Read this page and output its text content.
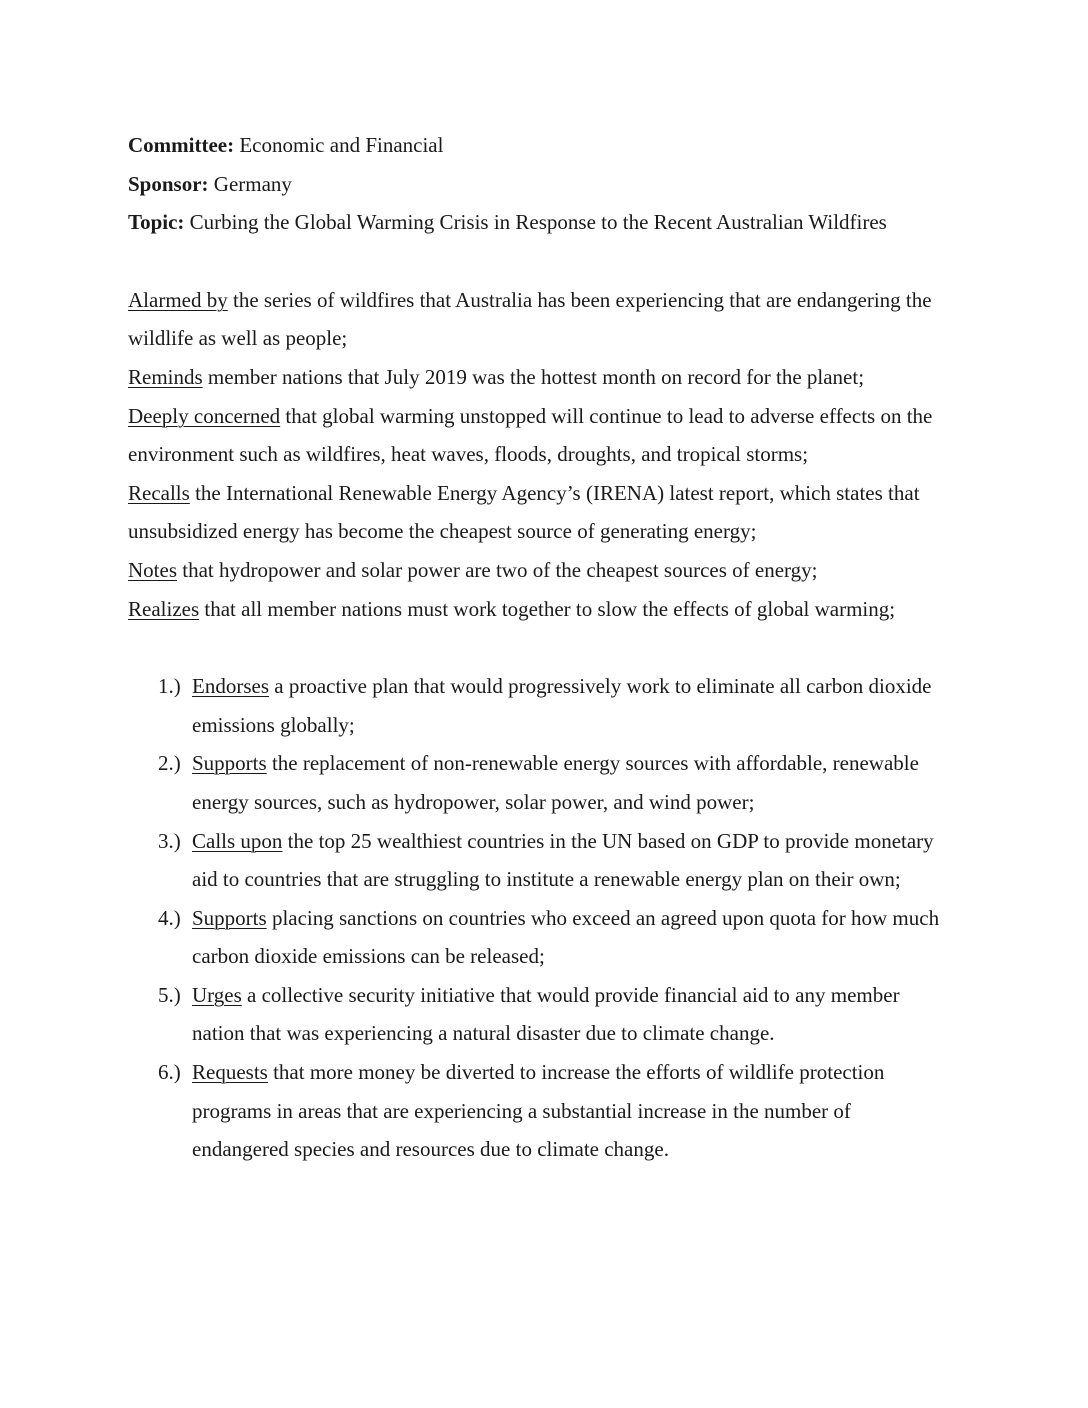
Committee: Economic and Financial
Sponsor: Germany
Topic: Curbing the Global Warming Crisis in Response to the Recent Australian Wildfires
Alarmed by the series of wildfires that Australia has been experiencing that are endangering the
wildlife as well as people;
Reminds member nations that July 2019 was the hottest month on record for the planet;
Deeply concerned that global warming unstopped will continue to lead to adverse effects on the
environment such as wildfires, heat waves, floods, droughts, and tropical storms;
Recalls the International Renewable Energy Agency’s (IRENA) latest report, which states that
unsubsidized energy has become the cheapest source of generating energy;
Notes that hydropower and solar power are two of the cheapest sources of energy;
Realizes that all member nations must work together to slow the effects of global warming;
1.) Endorses a proactive plan that would progressively work to eliminate all carbon dioxide
emissions globally;
2.) Supports the replacement of non-renewable energy sources with affordable, renewable
energy sources, such as hydropower, solar power, and wind power;
3.) Calls upon the top 25 wealthiest countries in the UN based on GDP to provide monetary
aid to countries that are struggling to institute a renewable energy plan on their own;
4.) Supports placing sanctions on countries who exceed an agreed upon quota for how much
carbon dioxide emissions can be released;
5.) Urges a collective security initiative that would provide financial aid to any member
nation that was experiencing a natural disaster due to climate change.
6.) Requests that more money be diverted to increase the efforts of wildlife protection
programs in areas that are experiencing a substantial increase in the number of
endangered species and resources due to climate change.
